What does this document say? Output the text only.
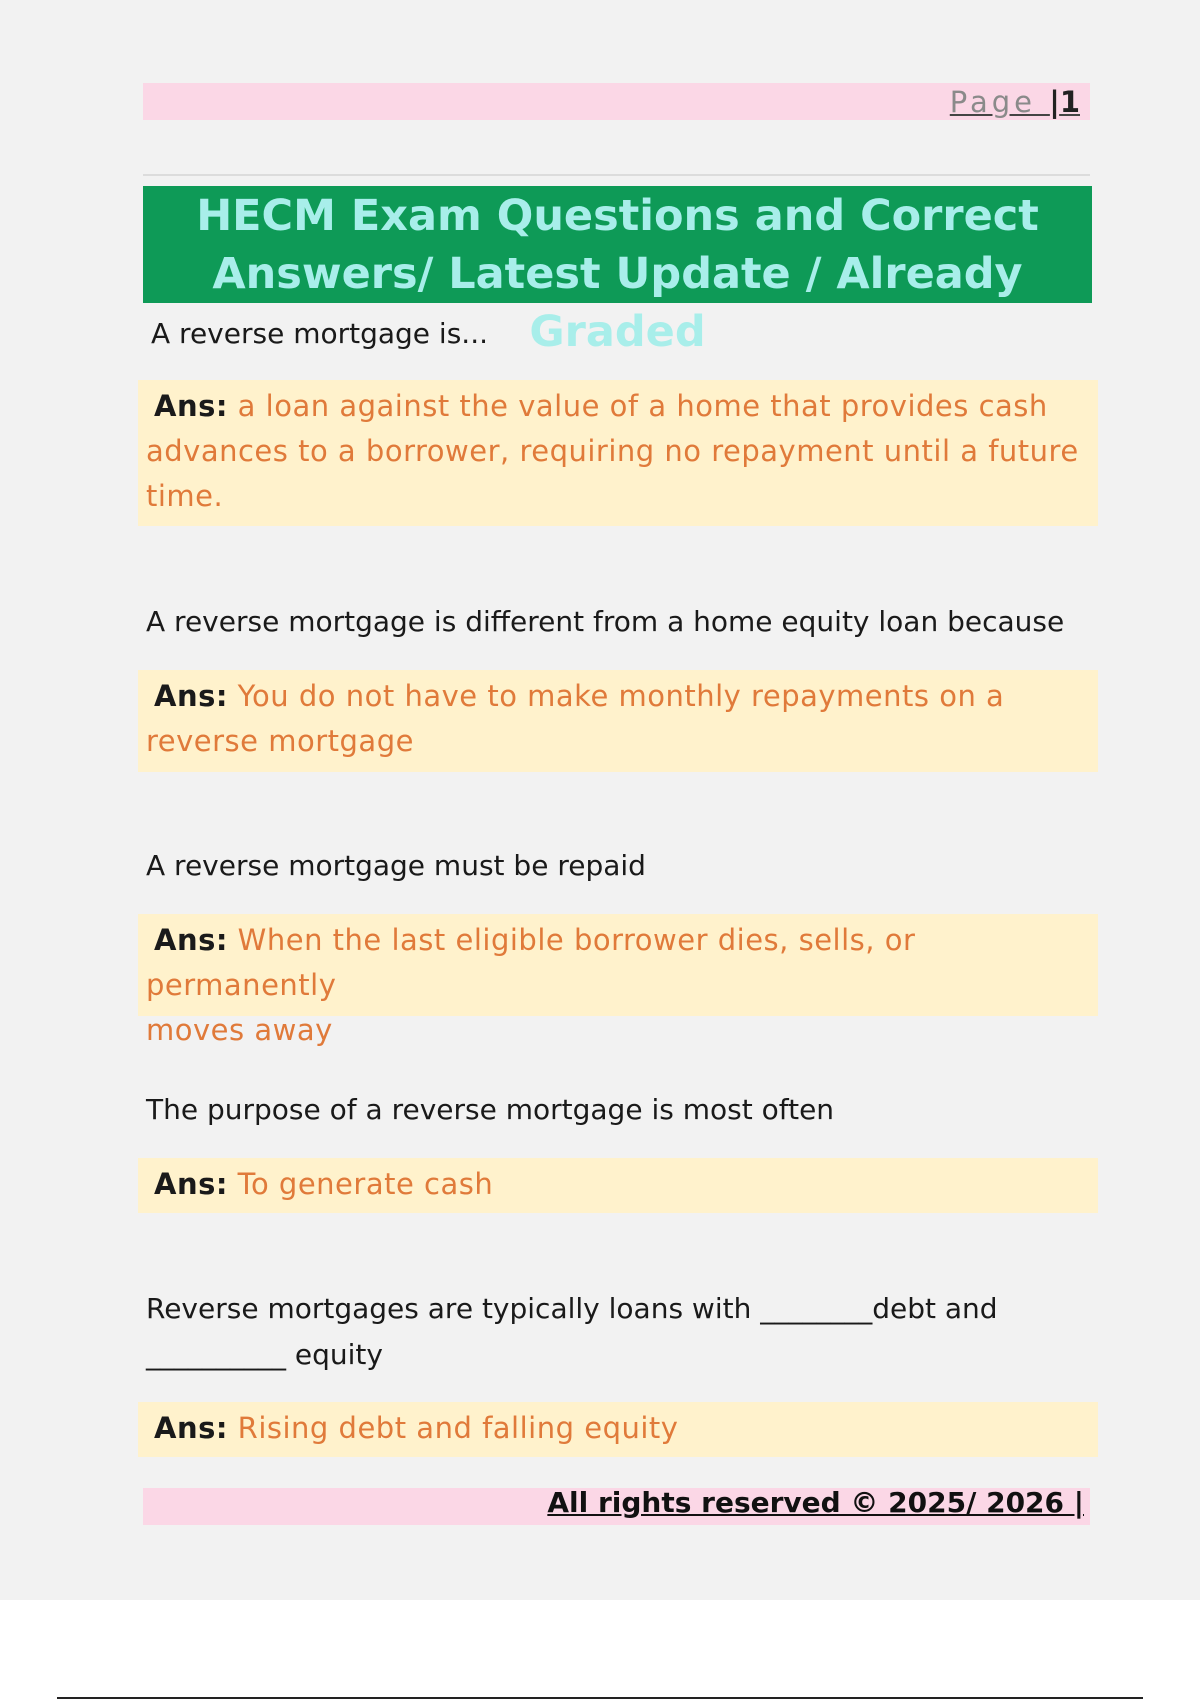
Page |1
HECM Exam Questions and Correct
Answers/ Latest Update / Already Graded
A reverse mortgage is...
Ans: a loan against the value of a home that provides cash
advances to a borrower, requiring no repayment until a future
time.
A reverse mortgage is different from a home equity loan because
Ans: You do not have to make monthly repayments on a
reverse mortgage
A reverse mortgage must be repaid
Ans: When the last eligible borrower dies, sells, or permanently
moves away
The purpose of a reverse mortgage is most often
Ans: To generate cash
Reverse mortgages are typically loans with ________debt and
__________ equity
Ans: Rising debt and falling equity
All rights reserved © 2025/ 2026 |
